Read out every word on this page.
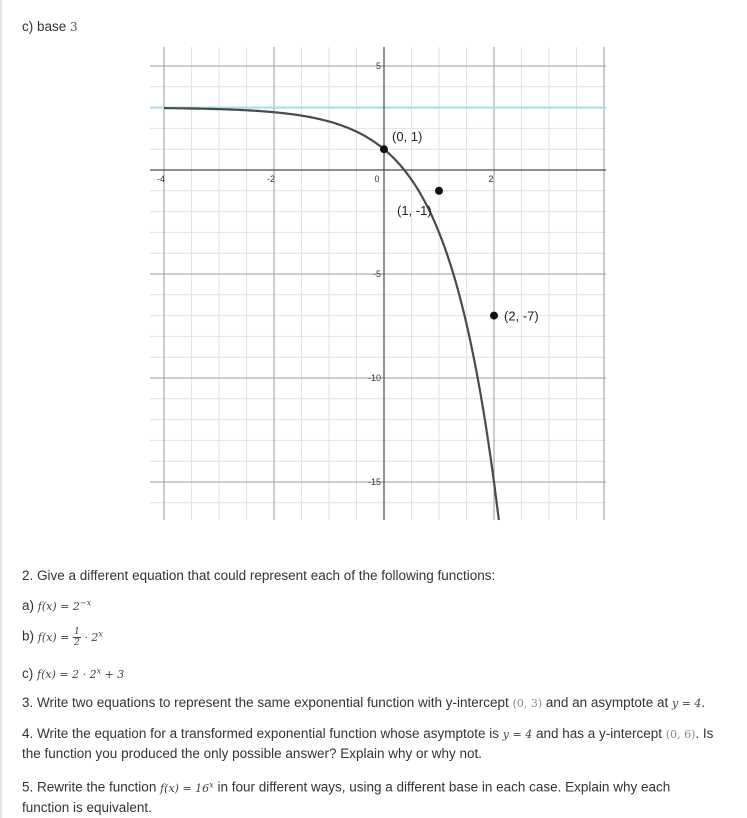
c) base 3
-4	-2	0	2
5
-5
-10
-15
(0, 1)
(1, -1)
(2, -7)
2. Give a different equation that could represent each of the following functions:
a) $f(x) = 2^{-x}$
b) $f(x) = \frac{1}{2} \cdot 2^x$
c) $f(x) = 2 \cdot 2^x + 3$
3. Write two equations to represent the same exponential function with y-intercept (0, 3) and an asymptote at y = 4.
4. Write the equation for a transformed exponential function whose asymptote is y = 4 and has a y-intercept (0, 6). Is
the function you produced the only possible answer? Explain why or why not.
5. Rewrite the function $f(x) = 16^x$ in four different ways, using a different base in each case. Explain why each
function is equivalent.
